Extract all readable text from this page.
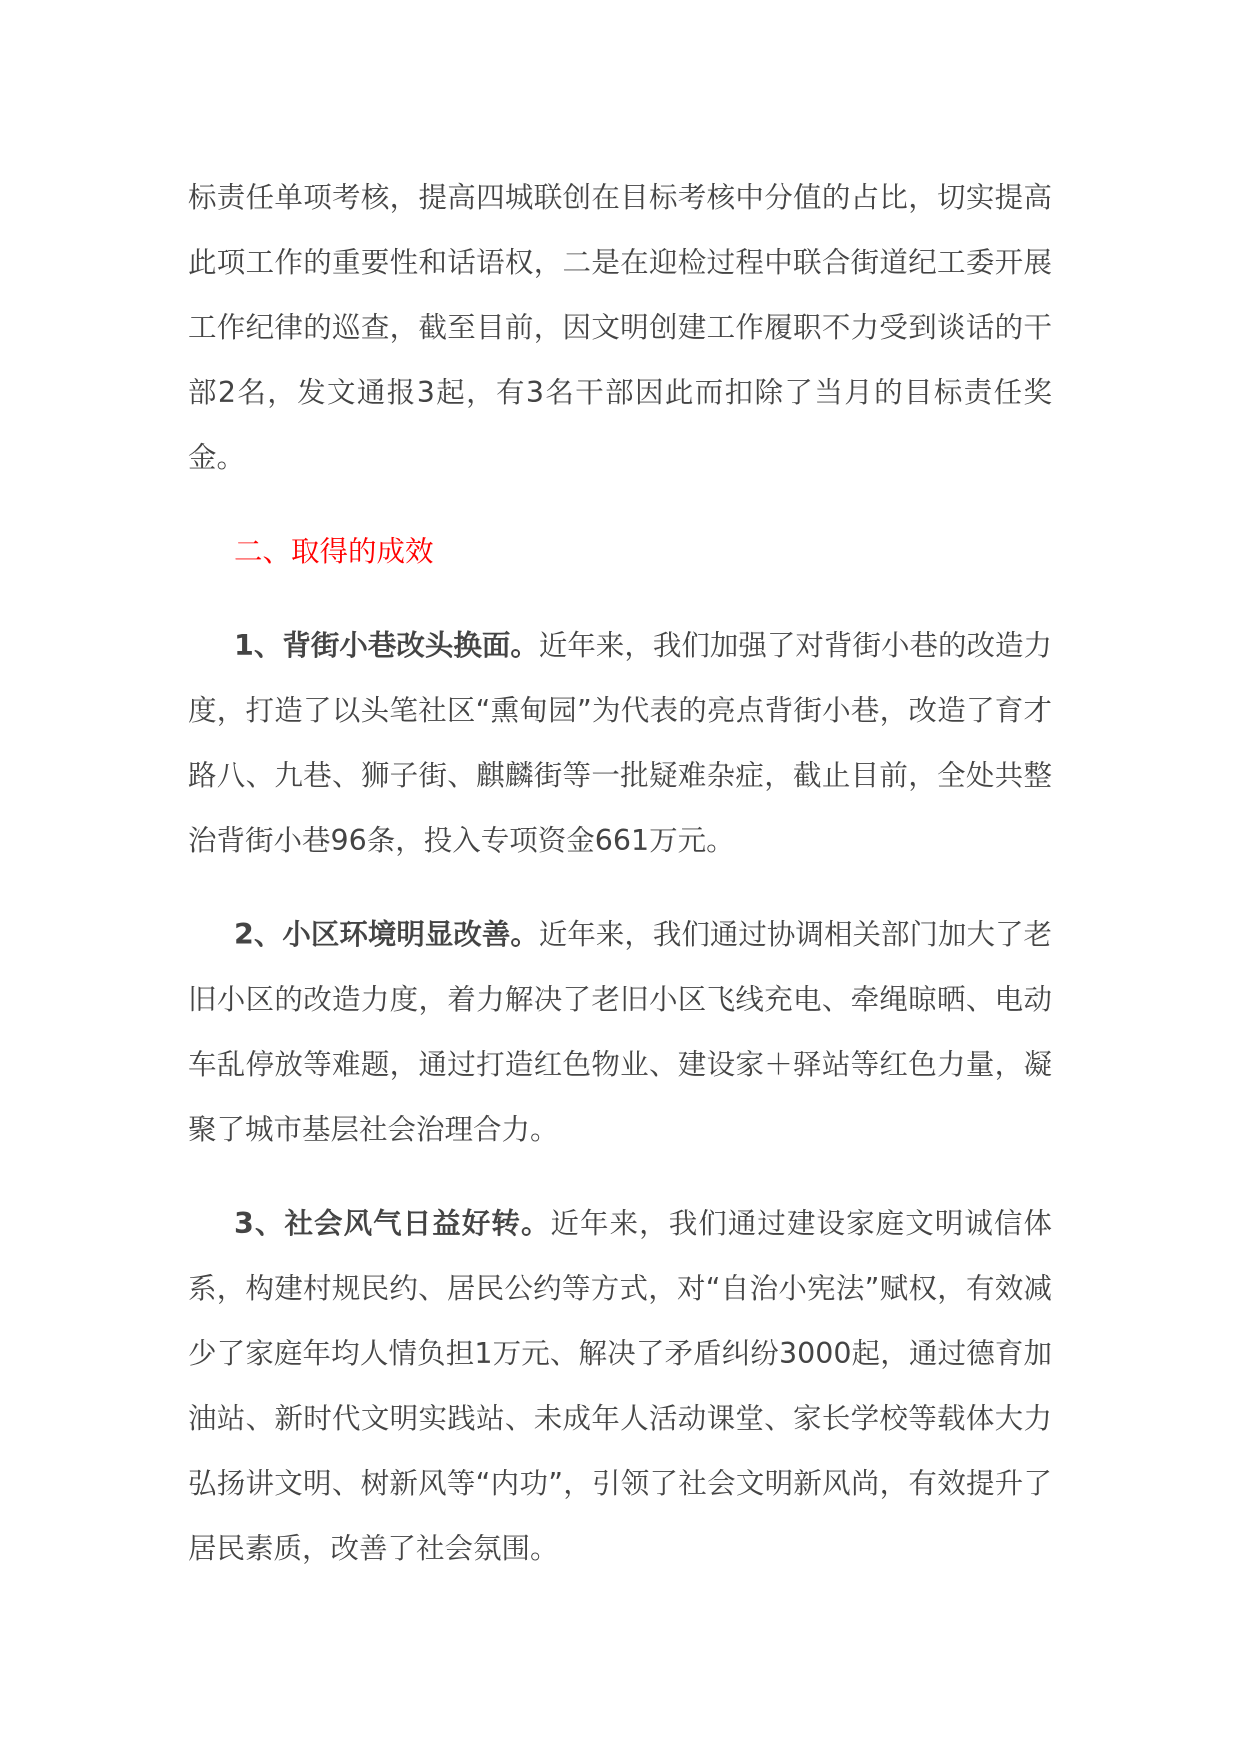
标责任单项考核，提高四城联创在目标考核中分值的占比，切实提高此项工作的重要性和话语权，二是在迎检过程中联合街道纪工委开展工作纪律的巡查，截至目前，因文明创建工作履职不力受到谈话的干部2名，发文通报3起，有3名干部因此而扣除了当月的目标责任奖金。

二、取得的成效

1、背街小巷改头换面。近年来，我们加强了对背街小巷的改造力度，打造了以头笔社区“熏甸园”为代表的亮点背街小巷，改造了育才路八、九巷、狮子街、麒麟街等一批疑难杂症，截止目前，全处共整治背街小巷96条，投入专项资金661万元。

2、小区环境明显改善。近年来，我们通过协调相关部门加大了老旧小区的改造力度，着力解决了老旧小区飞线充电、牵绳晾晒、电动车乱停放等难题，通过打造红色物业、建设家＋驿站等红色力量，凝聚了城市基层社会治理合力。

3、社会风气日益好转。近年来，我们通过建设家庭文明诚信体系，构建村规民约、居民公约等方式，对“自治小宪法”赋权，有效减少了家庭年均人情负担1万元、解决了矛盾纠纷3000起，通过德育加油站、新时代文明实践站、未成年人活动课堂、家长学校等载体大力弘扬讲文明、树新风等“内功”，引领了社会文明新风尚，有效提升了居民素质，改善了社会氛围。
